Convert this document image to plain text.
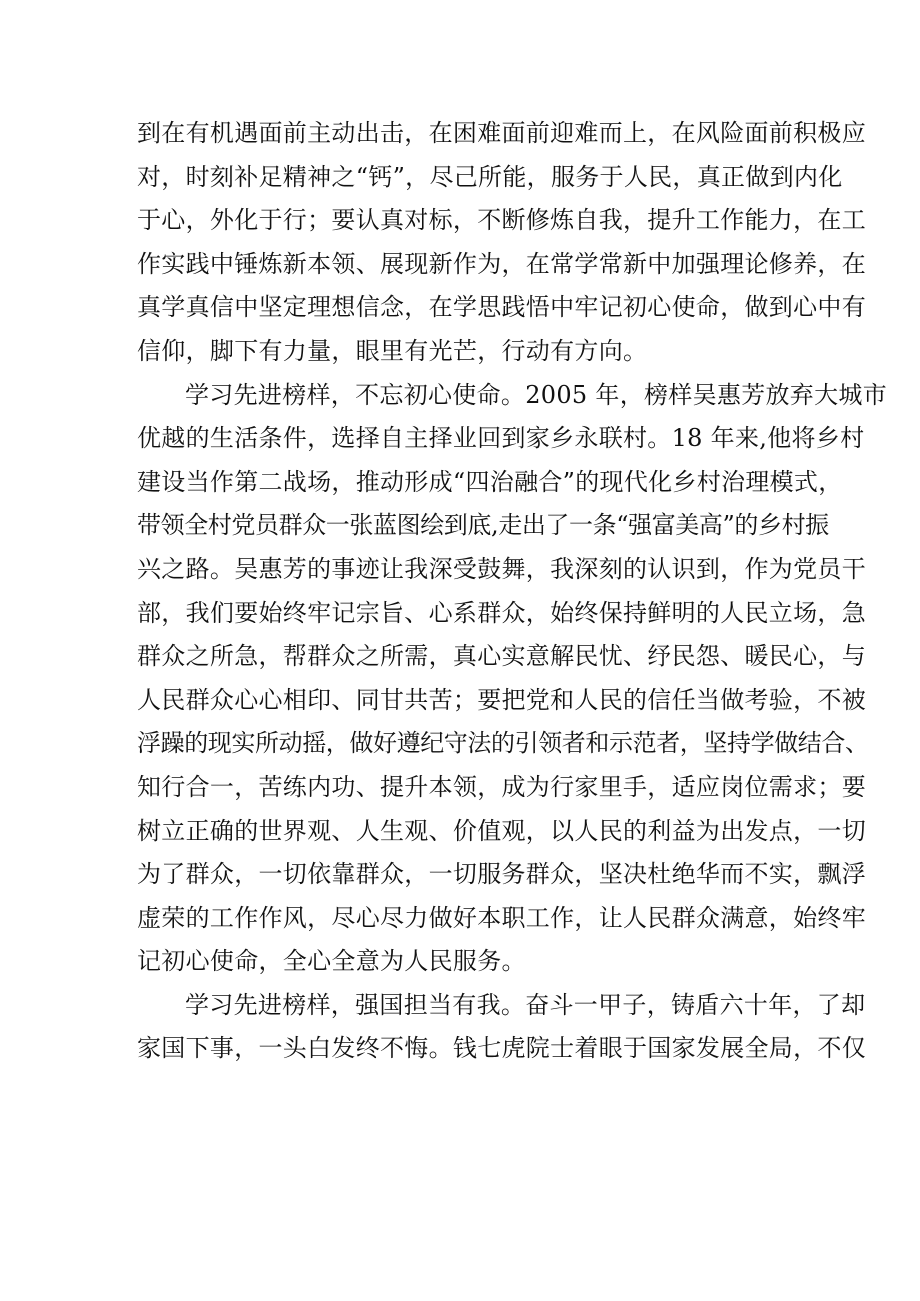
到在有机遇面前主动出击，在困难面前迎难而上，在风险面前积极应
对，时刻补足精神之“钙”，尽己所能，服务于人民，真正做到内化
于心，外化于行；要认真对标，不断修炼自我，提升工作能力，在工
作实践中锤炼新本领、展现新作为，在常学常新中加强理论修养，在
真学真信中坚定理想信念，在学思践悟中牢记初心使命，做到心中有
信仰，脚下有力量，眼里有光芒，行动有方向。
学习先进榜样，不忘初心使命。2005 年，榜样吴惠芳放弃大城市
优越的生活条件，选择自主择业回到家乡永联村。18 年来,他将乡村
建设当作第二战场，推动形成“四治融合”的现代化乡村治理模式，
带领全村党员群众一张蓝图绘到底,走出了一条“强富美高”的乡村振
兴之路。吴惠芳的事迹让我深受鼓舞，我深刻的认识到，作为党员干
部，我们要始终牢记宗旨、心系群众，始终保持鲜明的人民立场，急
群众之所急，帮群众之所需，真心实意解民忧、纾民怨、暖民心，与
人民群众心心相印、同甘共苦；要把党和人民的信任当做考验，不被
浮躁的现实所动摇，做好遵纪守法的引领者和示范者，坚持学做结合、
知行合一，苦练内功、提升本领，成为行家里手，适应岗位需求；要
树立正确的世界观、人生观、价值观，以人民的利益为出发点，一切
为了群众，一切依靠群众，一切服务群众，坚决杜绝华而不实，飘浮
虚荣的工作作风，尽心尽力做好本职工作，让人民群众满意，始终牢
记初心使命，全心全意为人民服务。
学习先进榜样，强国担当有我。奋斗一甲子，铸盾六十年，了却
家国下事，一头白发终不悔。钱七虎院士着眼于国家发展全局，不仅
